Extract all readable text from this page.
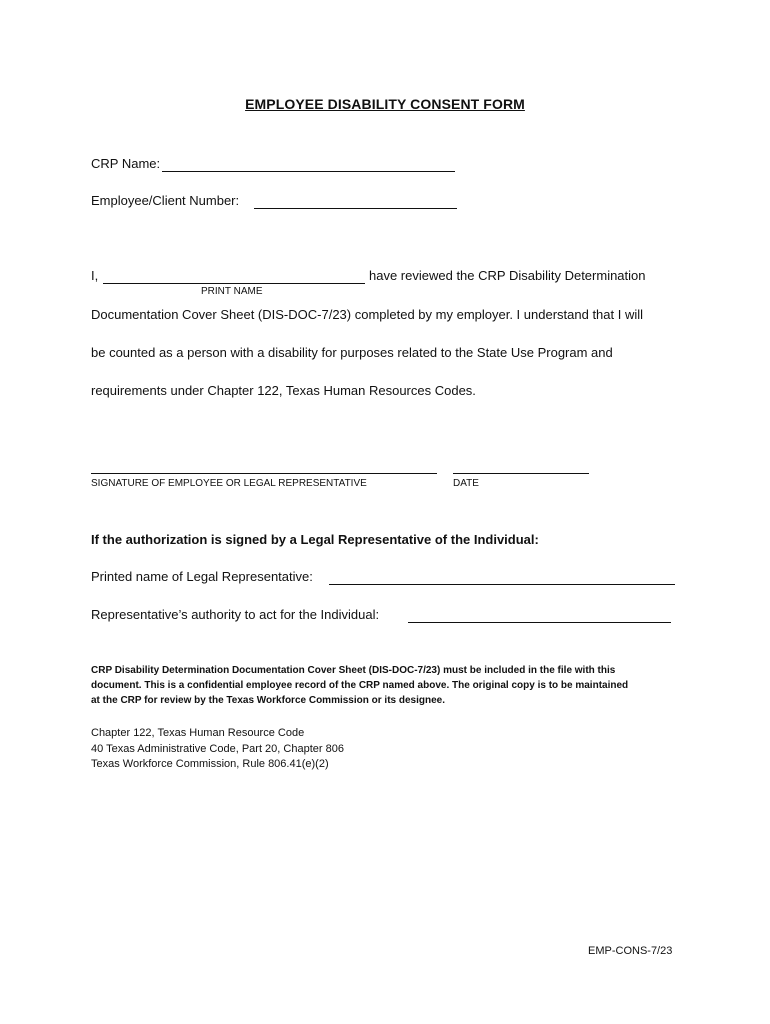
EMPLOYEE DISABILITY CONSENT FORM
CRP Name:
Employee/Client Number:
I,	have reviewed the CRP Disability Determination
PRINT NAME
Documentation Cover Sheet (DIS-DOC-7/23) completed by my employer. I understand that I will
be counted as a person with a disability for purposes related to the State Use Program and
requirements under Chapter 122, Texas Human Resources Codes.
SIGNATURE OF EMPLOYEE OR LEGAL REPRESENTATIVE	DATE
If the authorization is signed by a Legal Representative of the Individual:
Printed name of Legal Representative:
Representative’s authority to act for the Individual:
CRP Disability Determination Documentation Cover Sheet (DIS-DOC-7/23) must be included in the file with this
document. This is a confidential employee record of the CRP named above. The original copy is to be maintained
at the CRP for review by the Texas Workforce Commission or its designee.
Chapter 122, Texas Human Resource Code
40 Texas Administrative Code, Part 20, Chapter 806
Texas Workforce Commission, Rule 806.41(e)(2)
EMP-CONS-7/23
